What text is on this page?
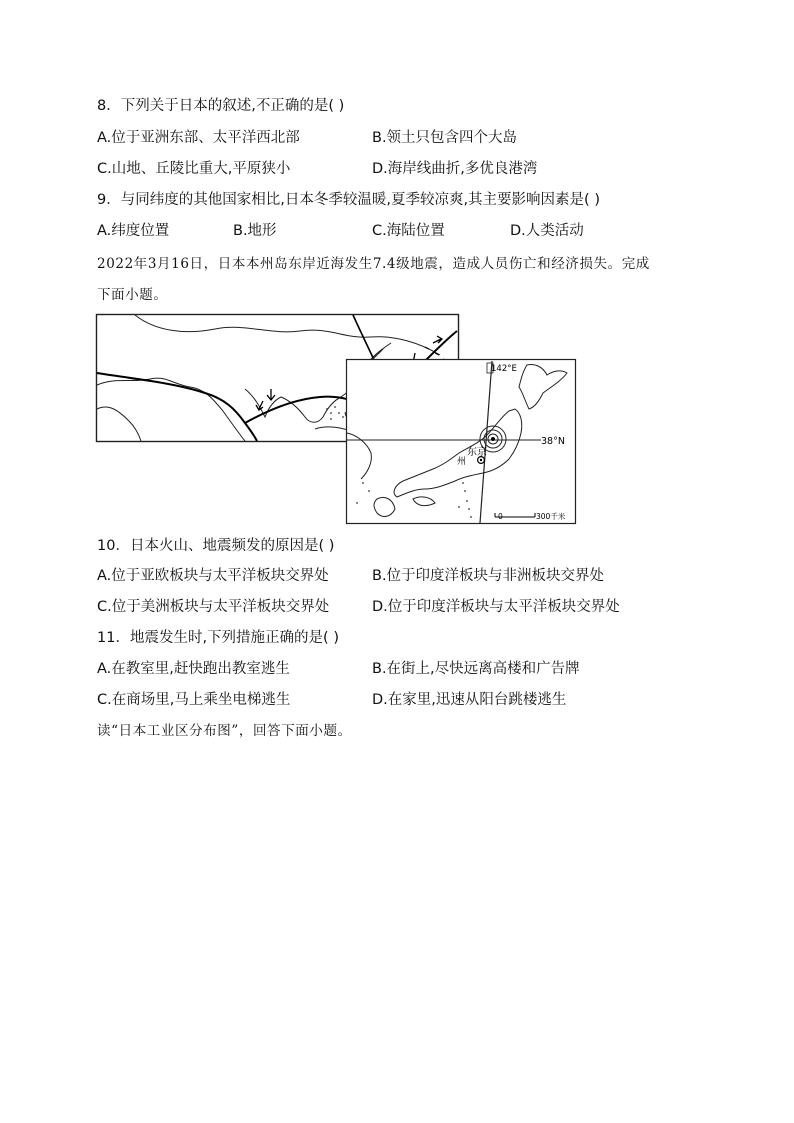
8．下列关于日本的叙述,不正确的是( )
A.位于亚洲东部、太平洋西北部	B.领土只包含四个大岛
C.山地、丘陵比重大,平原狭小	D.海岸线曲折,多优良港湾
9．与同纬度的其他国家相比,日本冬季较温暖,夏季较凉爽,其主要影响因素是( )
A.纬度位置	B.地形	C.海陆位置	D.人类活动
2022年3月16日，日本本州岛东岸近海发生7.4级地震，造成人员伤亡和经济损失。完成
下面小题。
142°E
38°N
东京
州
0	300千米
10．日本火山、地震频发的原因是( )
A.位于亚欧板块与太平洋板块交界处	B.位于印度洋板块与非洲板块交界处
C.位于美洲板块与太平洋板块交界处	D.位于印度洋板块与太平洋板块交界处
11．地震发生时,下列措施正确的是( )
A.在教室里,赶快跑出教室逃生	B.在街上,尽快远离高楼和广告牌
C.在商场里,马上乘坐电梯逃生	D.在家里,迅速从阳台跳楼逃生
读“日本工业区分布图”，回答下面小题。
